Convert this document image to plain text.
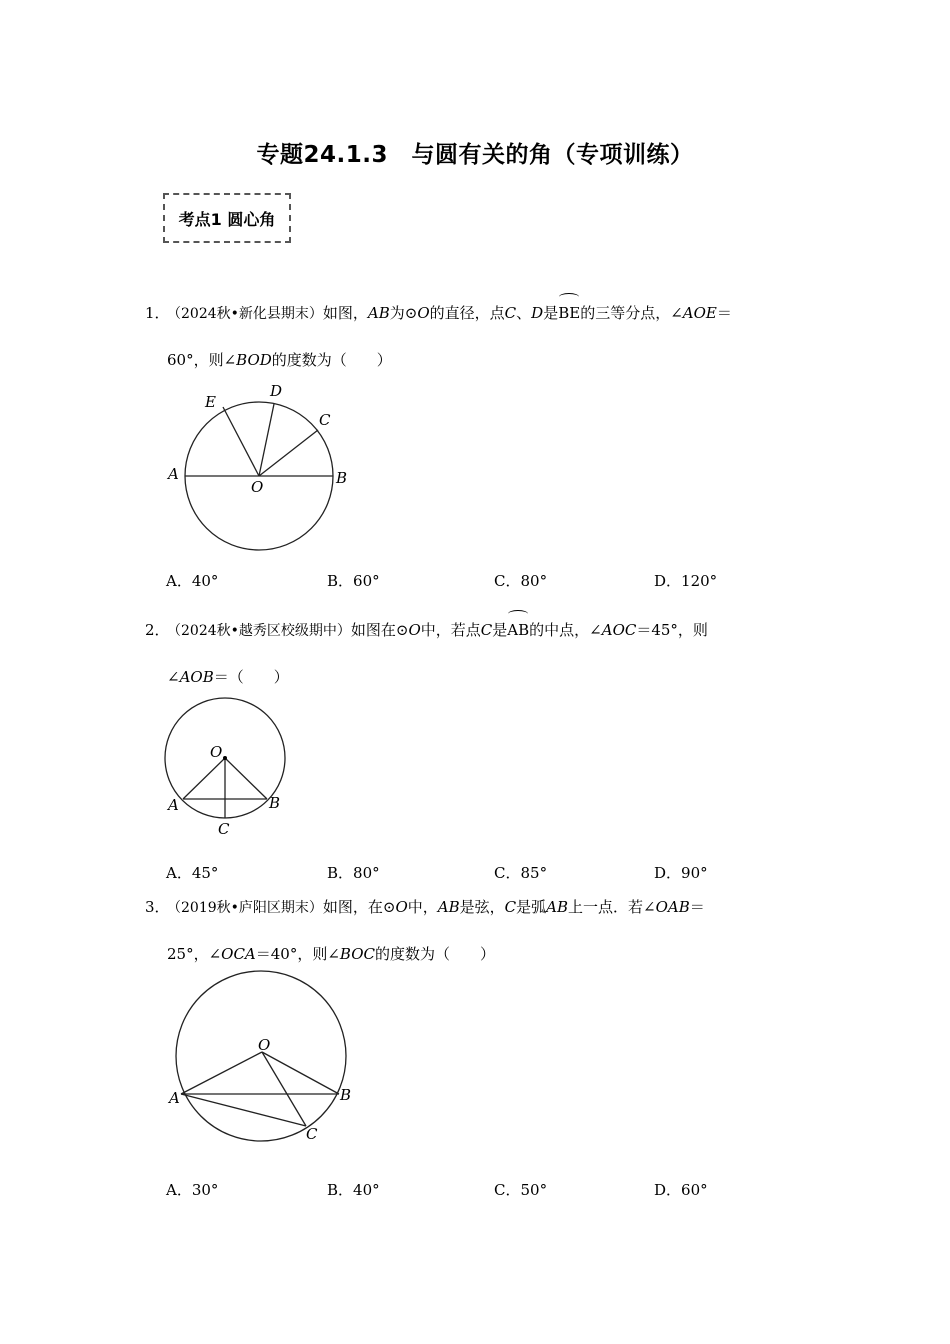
专题24.1.3　与圆有关的角（专项训练）
考点1 圆心角
1．（2024秋•新化县期末）如图，AB为⊙O的直径，点C、D是BE的三等分点，∠AOE＝
60°，则∠BOD的度数为（　　）
A	B
C
D
E
O
A．40°	B．60°	C．80°	D．120°
2．（2024秋•越秀区校级期中）如图在⊙O中，若点C是AB的中点，∠AOC＝45°，则
∠AOB＝（　　）
O
A	B
C
A．45°	B．80°	C．85°	D．90°
3．（2019秋•庐阳区期末）如图，在⊙O中，AB是弦，C是弧AB上一点．若∠OAB＝
25°，∠OCA＝40°，则∠BOC的度数为（　　）
O
A	B
C
A．30°	B．40°	C．50°	D．60°
